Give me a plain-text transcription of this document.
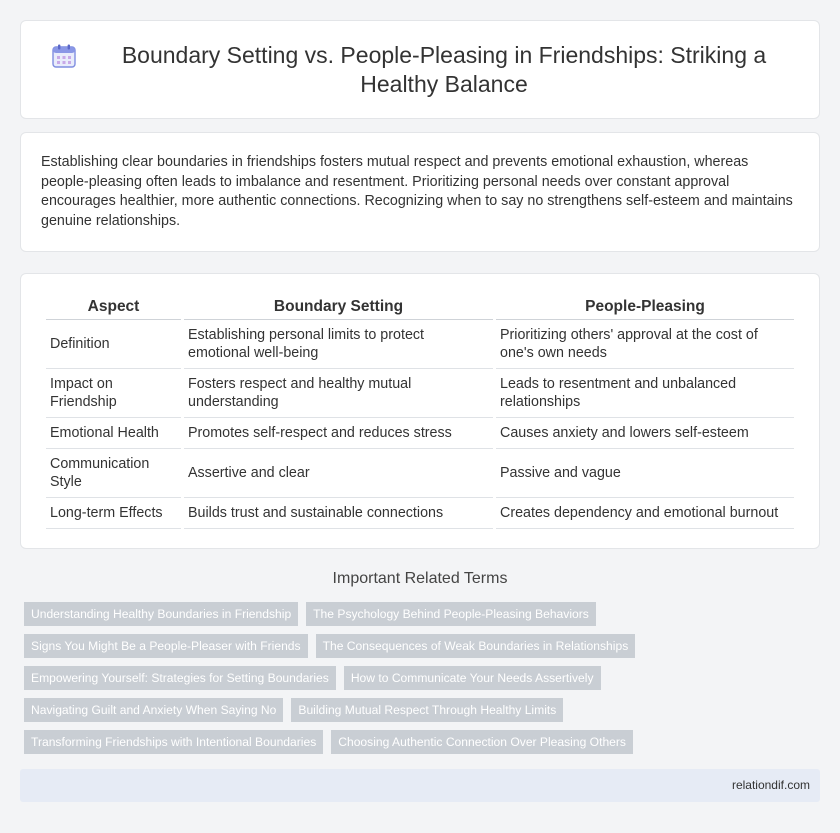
Boundary Setting vs. People-Pleasing in Friendships: Striking a Healthy Balance

Establishing clear boundaries in friendships fosters mutual respect and prevents emotional exhaustion, whereas people-pleasing often leads to imbalance and resentment. Prioritizing personal needs over constant approval encourages healthier, more authentic connections. Recognizing when to say no strengthens self-esteem and maintains genuine relationships.

Aspect	Boundary Setting	People-Pleasing
Definition	Establishing personal limits to protect emotional well-being	Prioritizing others' approval at the cost of one's own needs
Impact on Friendship	Fosters respect and healthy mutual understanding	Leads to resentment and unbalanced relationships
Emotional Health	Promotes self-respect and reduces stress	Causes anxiety and lowers self-esteem
Communication Style	Assertive and clear	Passive and vague
Long-term Effects	Builds trust and sustainable connections	Creates dependency and emotional burnout
Important Related Terms
Understanding Healthy Boundaries in Friendship	The Psychology Behind People-Pleasing Behaviors
Signs You Might Be a People-Pleaser with Friends	The Consequences of Weak Boundaries in Relationships
Empowering Yourself: Strategies for Setting Boundaries	How to Communicate Your Needs Assertively
Navigating Guilt and Anxiety When Saying No	Building Mutual Respect Through Healthy Limits
Transforming Friendships with Intentional Boundaries	Choosing Authentic Connection Over Pleasing Others
relationdif.com
